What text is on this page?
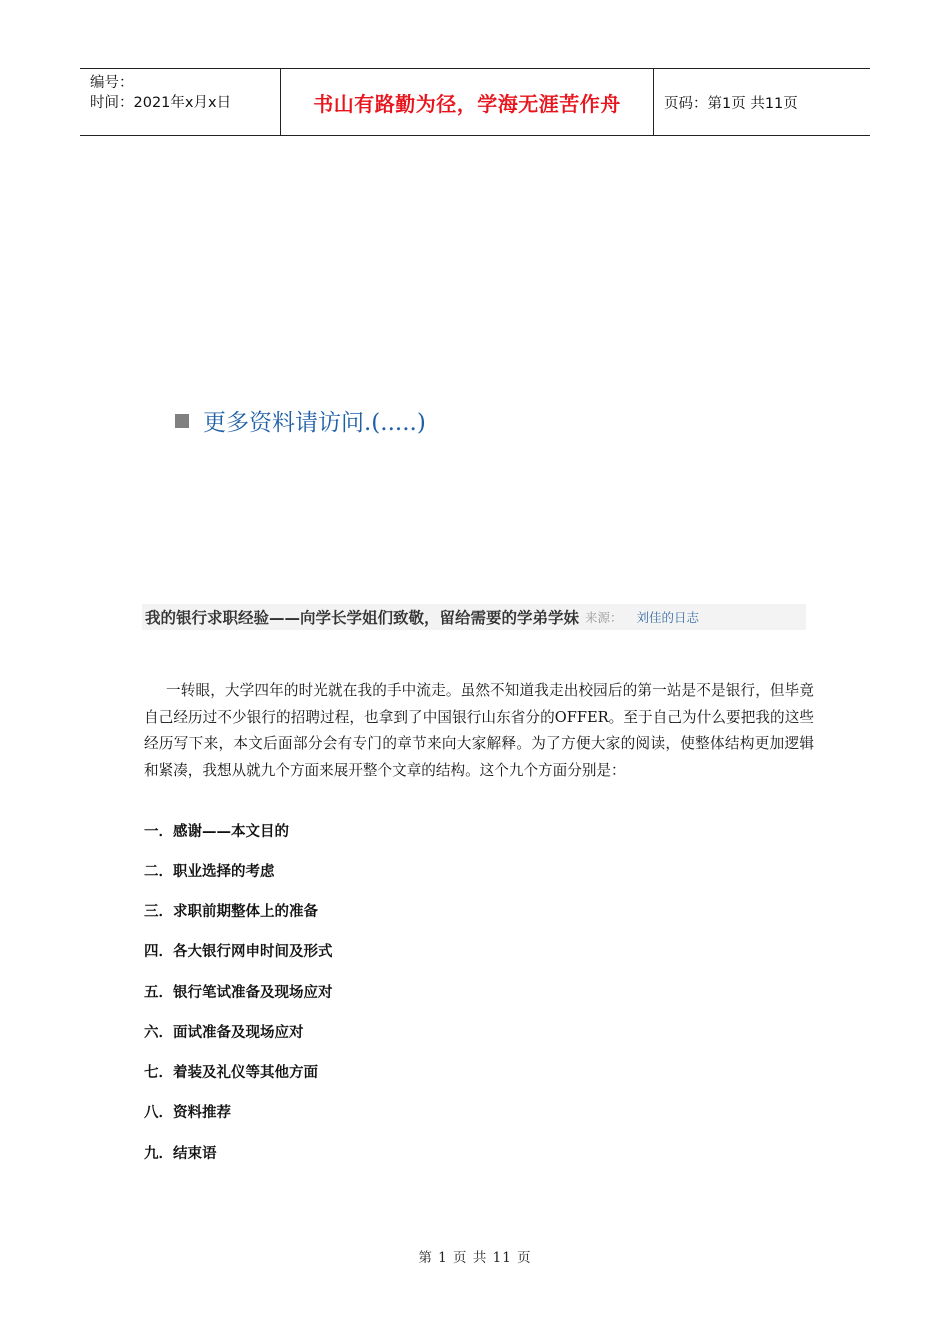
编号：
时间：2021年x月x日	书山有路勤为径，学海无涯苦作舟	页码：第1页 共11页
更多资料请访问.(.....)
我的银行求职经验——向学长学姐们致敬，留给需要的学弟学妹 来源： 刘佳的日志

一转眼，大学四年的时光就在我的手中流走。虽然不知道我走出校园后的第一站是不是银行，但毕竟自己经历过不少银行的招聘过程，也拿到了中国银行山东省分的OFFER。至于自己为什么要把我的这些经历写下来，本文后面部分会有专门的章节来向大家解释。为了方便大家的阅读，使整体结构更加逻辑和紧凑，我想从就九个方面来展开整个文章的结构。这个九个方面分别是：

一．感谢——本文目的
二．职业选择的考虑
三．求职前期整体上的准备
四．各大银行网申时间及形式
五．银行笔试准备及现场应对
六．面试准备及现场应对
七．着装及礼仪等其他方面
八．资料推荐
九．结束语
第 1 页 共 11 页
